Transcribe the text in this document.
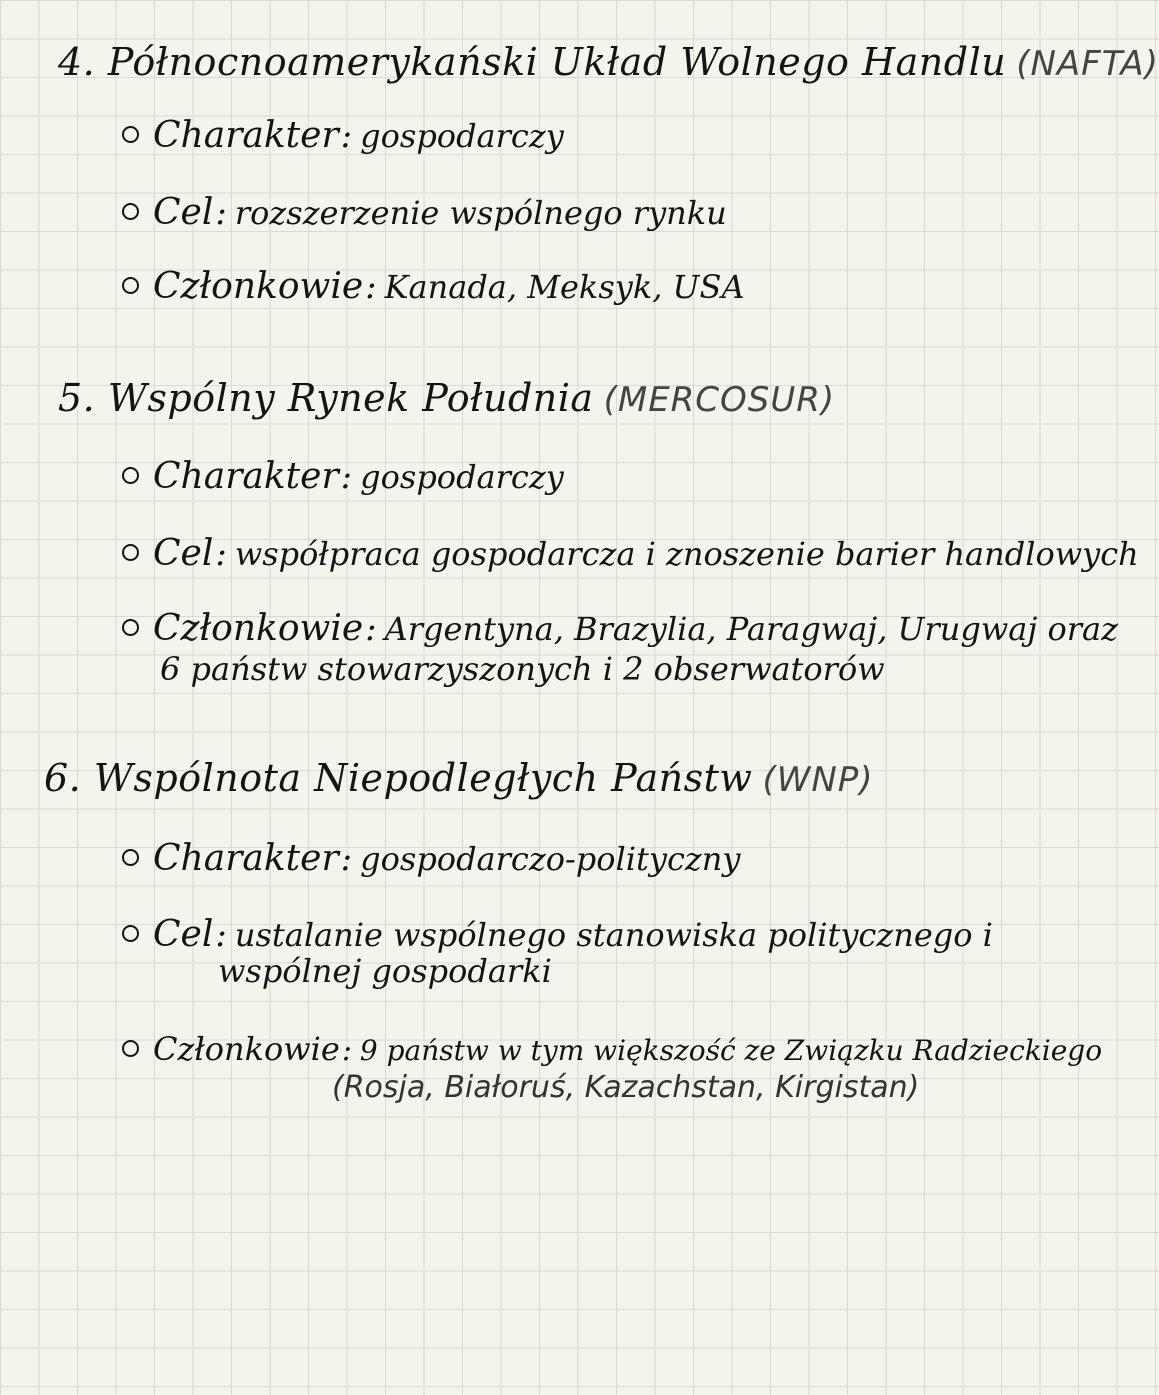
4. Północnoamerykański Układ Wolnego Handlu (NAFTA)
Charakter: gospodarczy
Cel: rozszerzenie wspólnego rynku
Członkowie: Kanada, Meksyk, USA
5. Wspólny Rynek Południa (MERCOSUR)
Charakter: gospodarczy
Cel: współpraca gospodarcza i znoszenie barier handlowych
Członkowie: Argentyna, Brazylia, Paragwaj, Urugwaj oraz
6 państw stowarzyszonych i 2 obserwatorów
6. Wspólnota Niepodległych Państw (WNP)
Charakter: gospodarczo-polityczny
Cel: ustalanie wspólnego stanowiska politycznego i
wspólnej gospodarki
Członkowie: 9 państw w tym większość ze Związku Radzieckiego
(Rosja, Białoruś, Kazachstan, Kirgistan)
